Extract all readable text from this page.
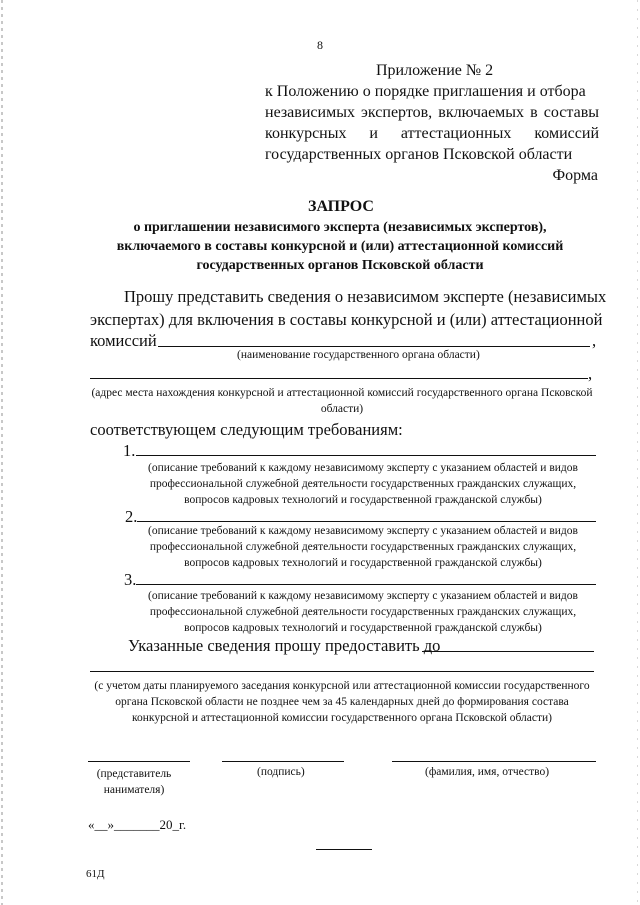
8
Приложение № 2
к Положению о порядке приглашения и отбора
независимых экспертов, включаемых в составы
конкурсных и аттестационных комиссий
государственных органов Псковской области
Форма
ЗАПРОС
о приглашении независимого эксперта (независимых экспертов), включаемого в составы конкурсной и (или) аттестационной комиссий государственных органов Псковской области
Прошу представить сведения о независимом эксперте (независимых
экспертах) для включения в составы конкурсной и (или) аттестационной
комиссий	,
(наименование государственного органа области)
,
(адрес места нахождения конкурсной и аттестационной комиссий государственного органа Псковской области)
соответствующем следующим требованиям:
1.
(описание требований к каждому независимому эксперту с указанием областей и видов профессиональной служебной деятельности государственных гражданских служащих, вопросов кадровых технологий и государственной гражданской службы)
2.
(описание требований к каждому независимому эксперту с указанием областей и видов профессиональной служебной деятельности государственных гражданских служащих, вопросов кадровых технологий и государственной гражданской службы)
3.
(описание требований к каждому независимому эксперту с указанием областей и видов профессиональной служебной деятельности государственных гражданских служащих, вопросов кадровых технологий и государственной гражданской службы)
Указанные сведения прошу предоставить до
(с учетом даты планируемого заседания конкурсной или аттестационной комиссии государственного органа Псковской области не позднее чем за 45 календарных дней до формирования состава конкурсной и аттестационной комиссии государственного органа Псковской области)
(представитель нанимателя)
(подпись)	(фамилия, имя, отчество)
«__»_______20_г.
61Д
